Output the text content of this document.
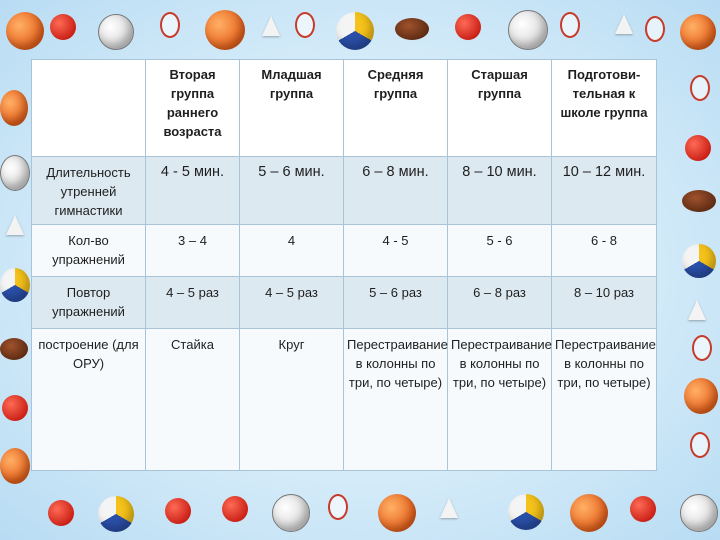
	Вторая группа раннего возраста	Младшая группа	Средняя группа	Старшая группа	Подготови-тельная к школе группа
Длительность утренней гимнастики	4 - 5 мин.	5 – 6 мин.	6 – 8 мин.	8 – 10 мин.	10 – 12 мин.
Кол-во упражнений	3 – 4	4	4 - 5	5 - 6	6 - 8
Повтор упражнений	4 – 5 раз	4 – 5 раз	5 – 6 раз	6 – 8 раз	8 – 10 раз
построение (для ОРУ)	Стайка	Круг	Перестраивание в колонны по три, по четыре)	Перестраивание в колонны по три, по четыре)	Перестраивание в колонны по три, по четыре)
